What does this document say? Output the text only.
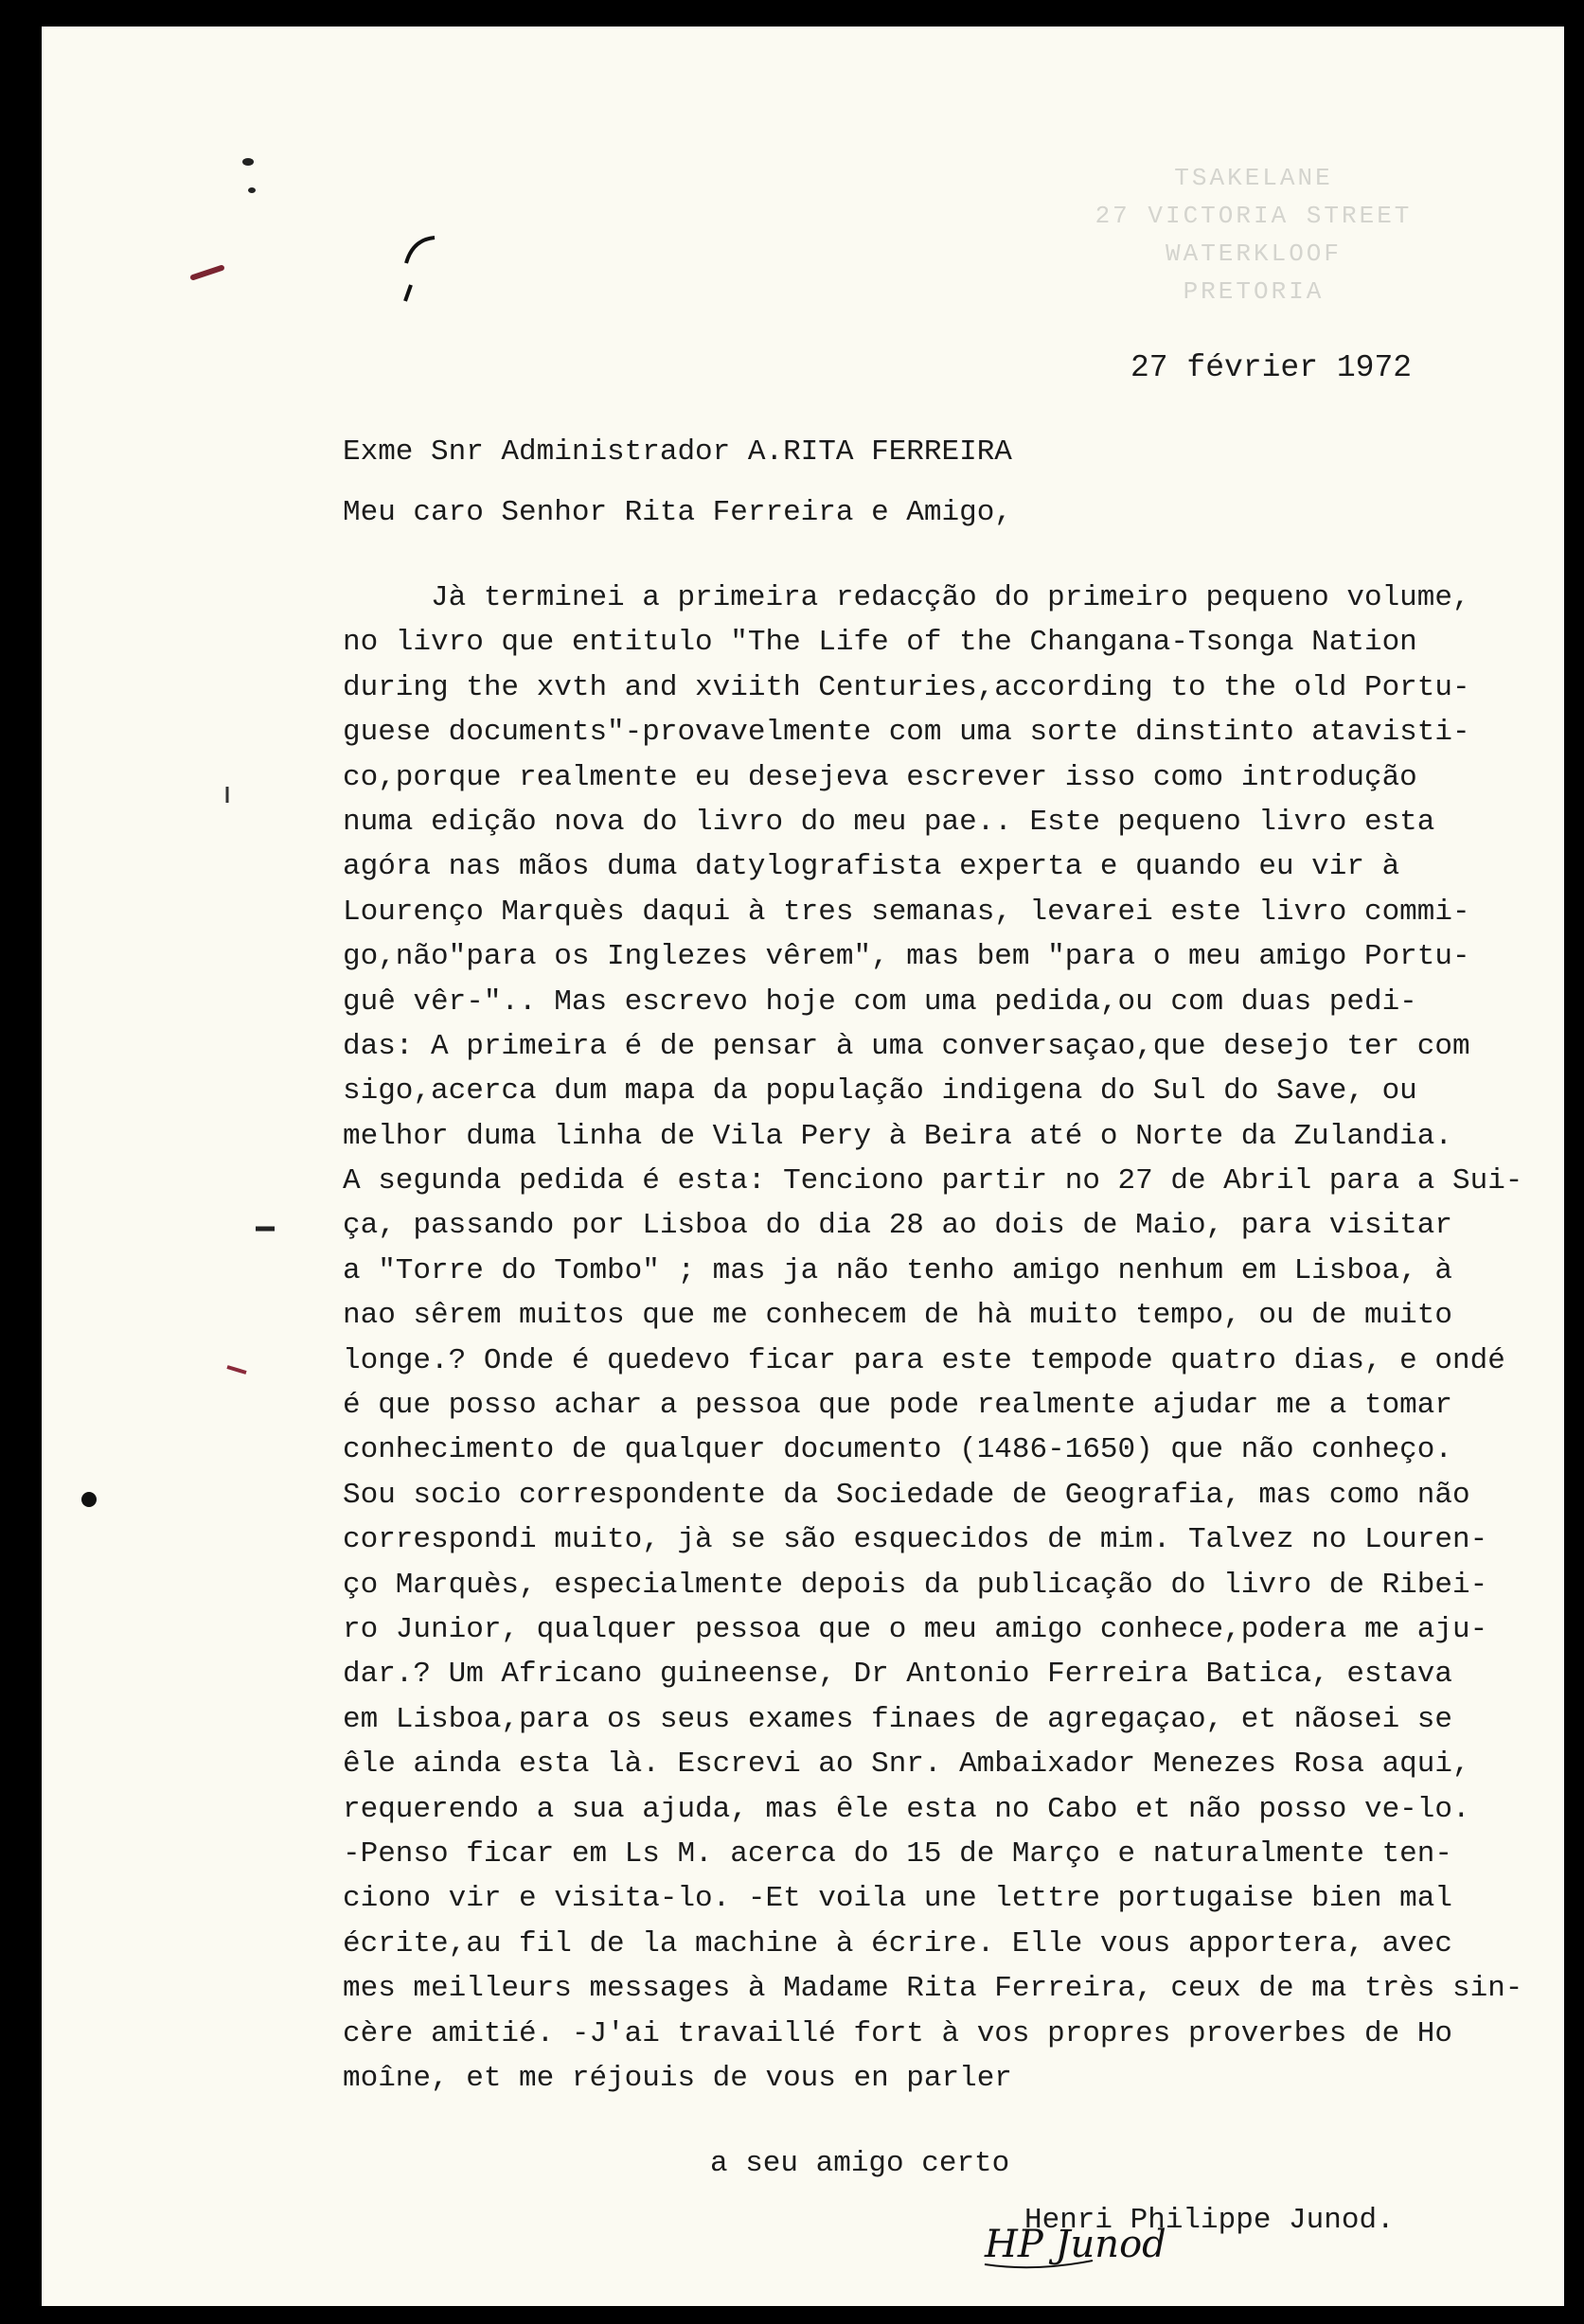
TSAKELANE
27 VICTORIA STREET
WATERKLOOF
PRETORIA
27 février 1972
Exme Snr Administrador A.RITA FERREIRA
Meu caro Senhor Rita Ferreira e Amigo,
Jà terminei a primeira redacção do primeiro pequeno volume,
no livro que entitulo "The Life of the Changana-Tsonga Nation
during the xvth and xviith Centuries,according to the old Portu-
guese documents"-provavelmente com uma sorte dinstinto atavisti-
co,porque realmente eu desejeva escrever isso como introdução
numa edição nova do livro do meu pae.. Este pequeno livro esta
agóra nas mãos duma datylografista experta e quando eu vir à
Lourenço Marquès daqui à tres semanas, levarei este livro commi-
go,não"para os Inglezes vêrem", mas bem "para o meu amigo Portu-
guê vêr-".. Mas escrevo hoje com uma pedida,ou com duas pedi-
das: A primeira é de pensar à uma conversaçao,que desejo ter com
sigo,acerca dum mapa da população indigena do Sul do Save, ou
melhor duma linha de Vila Pery à Beira até o Norte da Zulandia.
A segunda pedida é esta: Tenciono partir no 27 de Abril para a Sui-
ça, passando por Lisboa do dia 28 ao dois de Maio, para visitar
a "Torre do Tombo" ; mas ja não tenho amigo nenhum em Lisboa, à
nao sêrem muitos que me conhecem de hà muito tempo, ou de muito
longe.? Onde é quedevo ficar para este tempode quatro dias, e ondé
é que posso achar a pessoa que pode realmente ajudar me a tomar
conhecimento de qualquer documento (1486-1650) que não conheço.
Sou socio correspondente da Sociedade de Geografia, mas como não
correspondi muito, jà se são esquecidos de mim. Talvez no Louren-
ço Marquès, especialmente depois da publicação do livro de Ribei-
ro Junior, qualquer pessoa que o meu amigo conhece,podera me aju-
dar.? Um Africano guineense, Dr Antonio Ferreira Batica, estava
em Lisboa,para os seus exames finaes de agregaçao, et nãosei se
êle ainda esta là. Escrevi ao Snr. Ambaixador Menezes Rosa aqui,
requerendo a sua ajuda, mas êle esta no Cabo et não posso ve-lo.
-Penso ficar em Ls M. acerca do 15 de Março e naturalmente ten-
ciono vir e visita-lo. -Et voila une lettre portugaise bien mal
écrite,au fil de la machine à écrire. Elle vous apportera, avec
mes meilleurs messages à Madame Rita Ferreira, ceux de ma très sin-
cère amitié. -J'ai travaillé fort à vos propres proverbes de Ho
moîne, et me réjouis de vous en parler
a seu amigo certo
Henri Philippe Junod.
HP Junod
